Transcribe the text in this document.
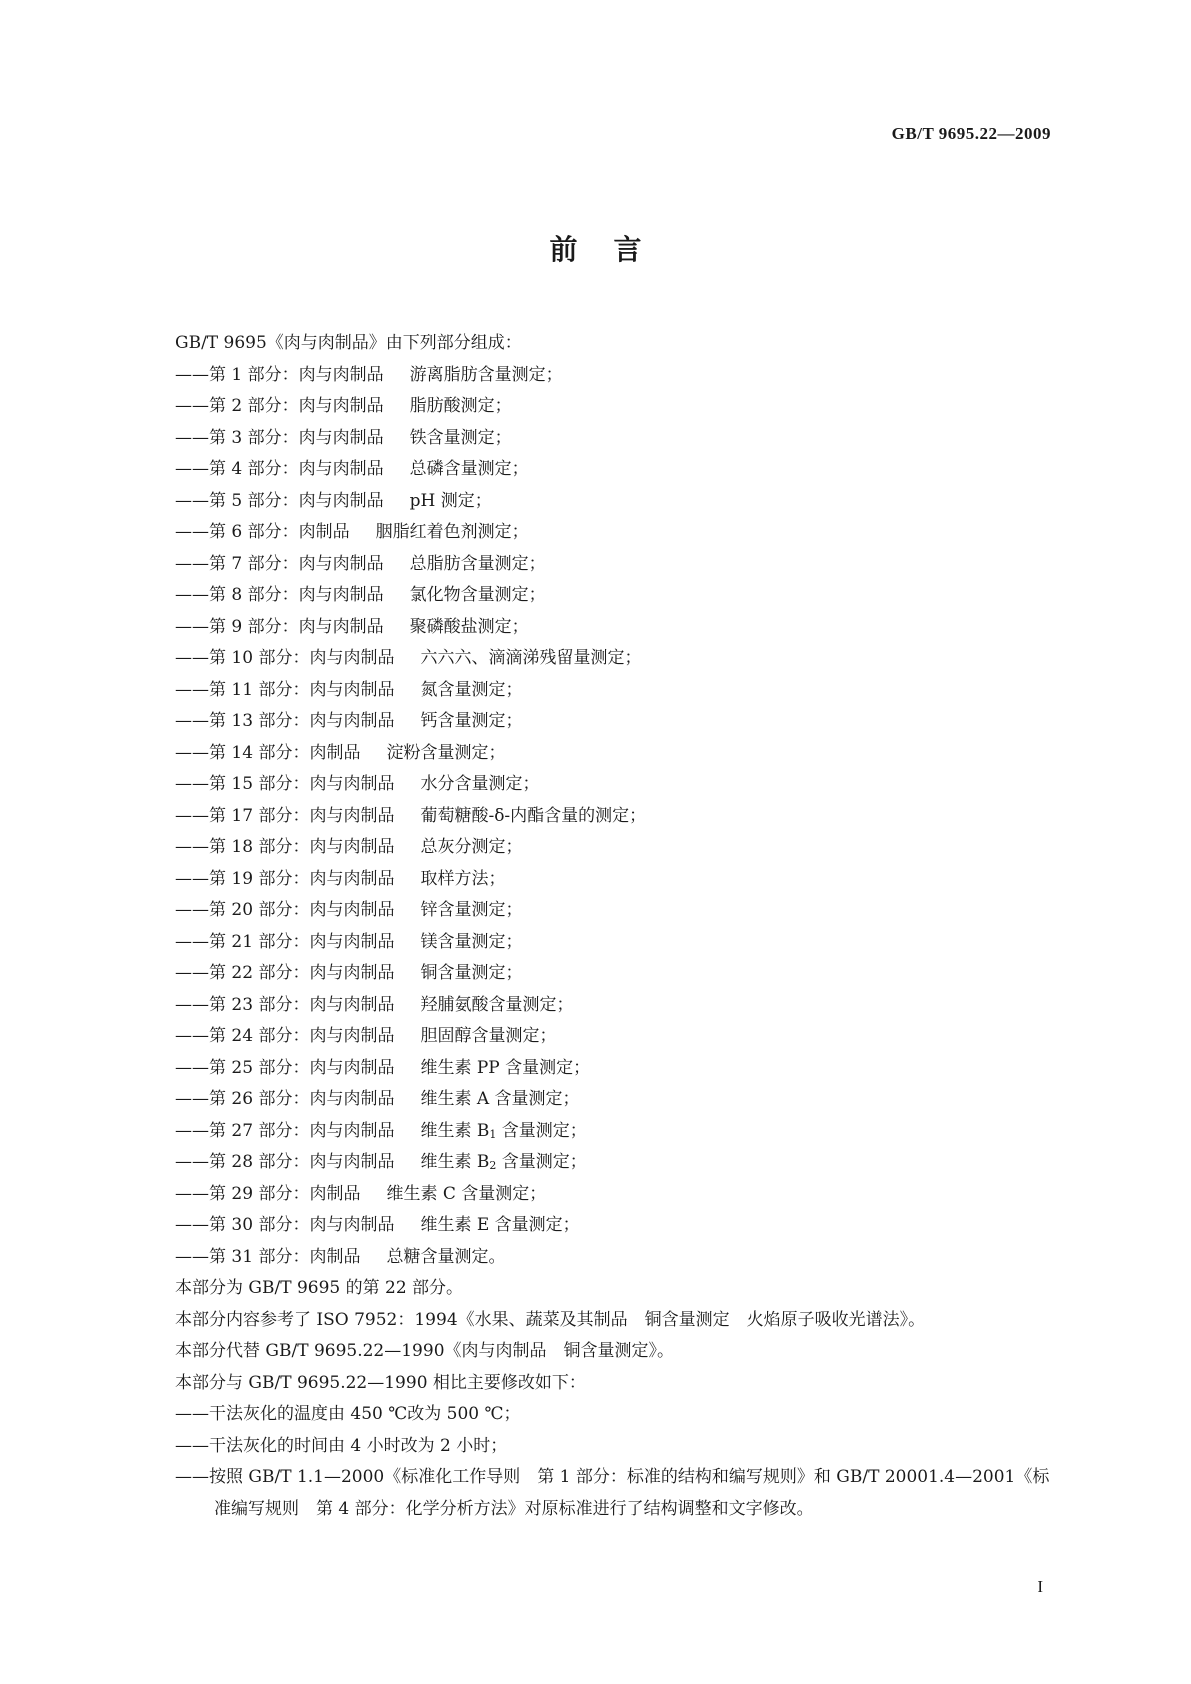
GB/T 9695.22—2009
前言
GB/T 9695《肉与肉制品》由下列部分组成：
——第 1 部分：肉与肉制品 游离脂肪含量测定；
——第 2 部分：肉与肉制品 脂肪酸测定；
——第 3 部分：肉与肉制品 铁含量测定；
——第 4 部分：肉与肉制品 总磷含量测定；
——第 5 部分：肉与肉制品 pH 测定；
——第 6 部分：肉制品 胭脂红着色剂测定；
——第 7 部分：肉与肉制品 总脂肪含量测定；
——第 8 部分：肉与肉制品 氯化物含量测定；
——第 9 部分：肉与肉制品 聚磷酸盐测定；
——第 10 部分：肉与肉制品 六六六、滴滴涕残留量测定；
——第 11 部分：肉与肉制品 氮含量测定；
——第 13 部分：肉与肉制品 钙含量测定；
——第 14 部分：肉制品 淀粉含量测定；
——第 15 部分：肉与肉制品 水分含量测定；
——第 17 部分：肉与肉制品 葡萄糖酸-δ-内酯含量的测定；
——第 18 部分：肉与肉制品 总灰分测定；
——第 19 部分：肉与肉制品 取样方法；
——第 20 部分：肉与肉制品 锌含量测定；
——第 21 部分：肉与肉制品 镁含量测定；
——第 22 部分：肉与肉制品 铜含量测定；
——第 23 部分：肉与肉制品 羟脯氨酸含量测定；
——第 24 部分：肉与肉制品 胆固醇含量测定；
——第 25 部分：肉与肉制品 维生素 PP 含量测定；
——第 26 部分：肉与肉制品 维生素 A 含量测定；
——第 27 部分：肉与肉制品 维生素 $B_1$ 含量测定；
——第 28 部分：肉与肉制品 维生素 $B_2$ 含量测定；
——第 29 部分：肉制品 维生素 C 含量测定；
——第 30 部分：肉与肉制品 维生素 E 含量测定；
——第 31 部分：肉制品 总糖含量测定。
本部分为 GB/T 9695 的第 22 部分。
本部分内容参考了 ISO 7952：1994《水果、蔬菜及其制品　铜含量测定　火焰原子吸收光谱法》。
本部分代替 GB/T 9695.22—1990《肉与肉制品　铜含量测定》。
本部分与 GB/T 9695.22—1990 相比主要修改如下：
——干法灰化的温度由 450 ℃改为 500 ℃；
——干法灰化的时间由 4 小时改为 2 小时；
——按照 GB/T 1.1—2000《标准化工作导则　第 1 部分：标准的结构和编写规则》和 GB/T 20001.4—2001《标准编写规则　第 4 部分：化学分析方法》对原标准进行了结构调整和文字修改。
I
